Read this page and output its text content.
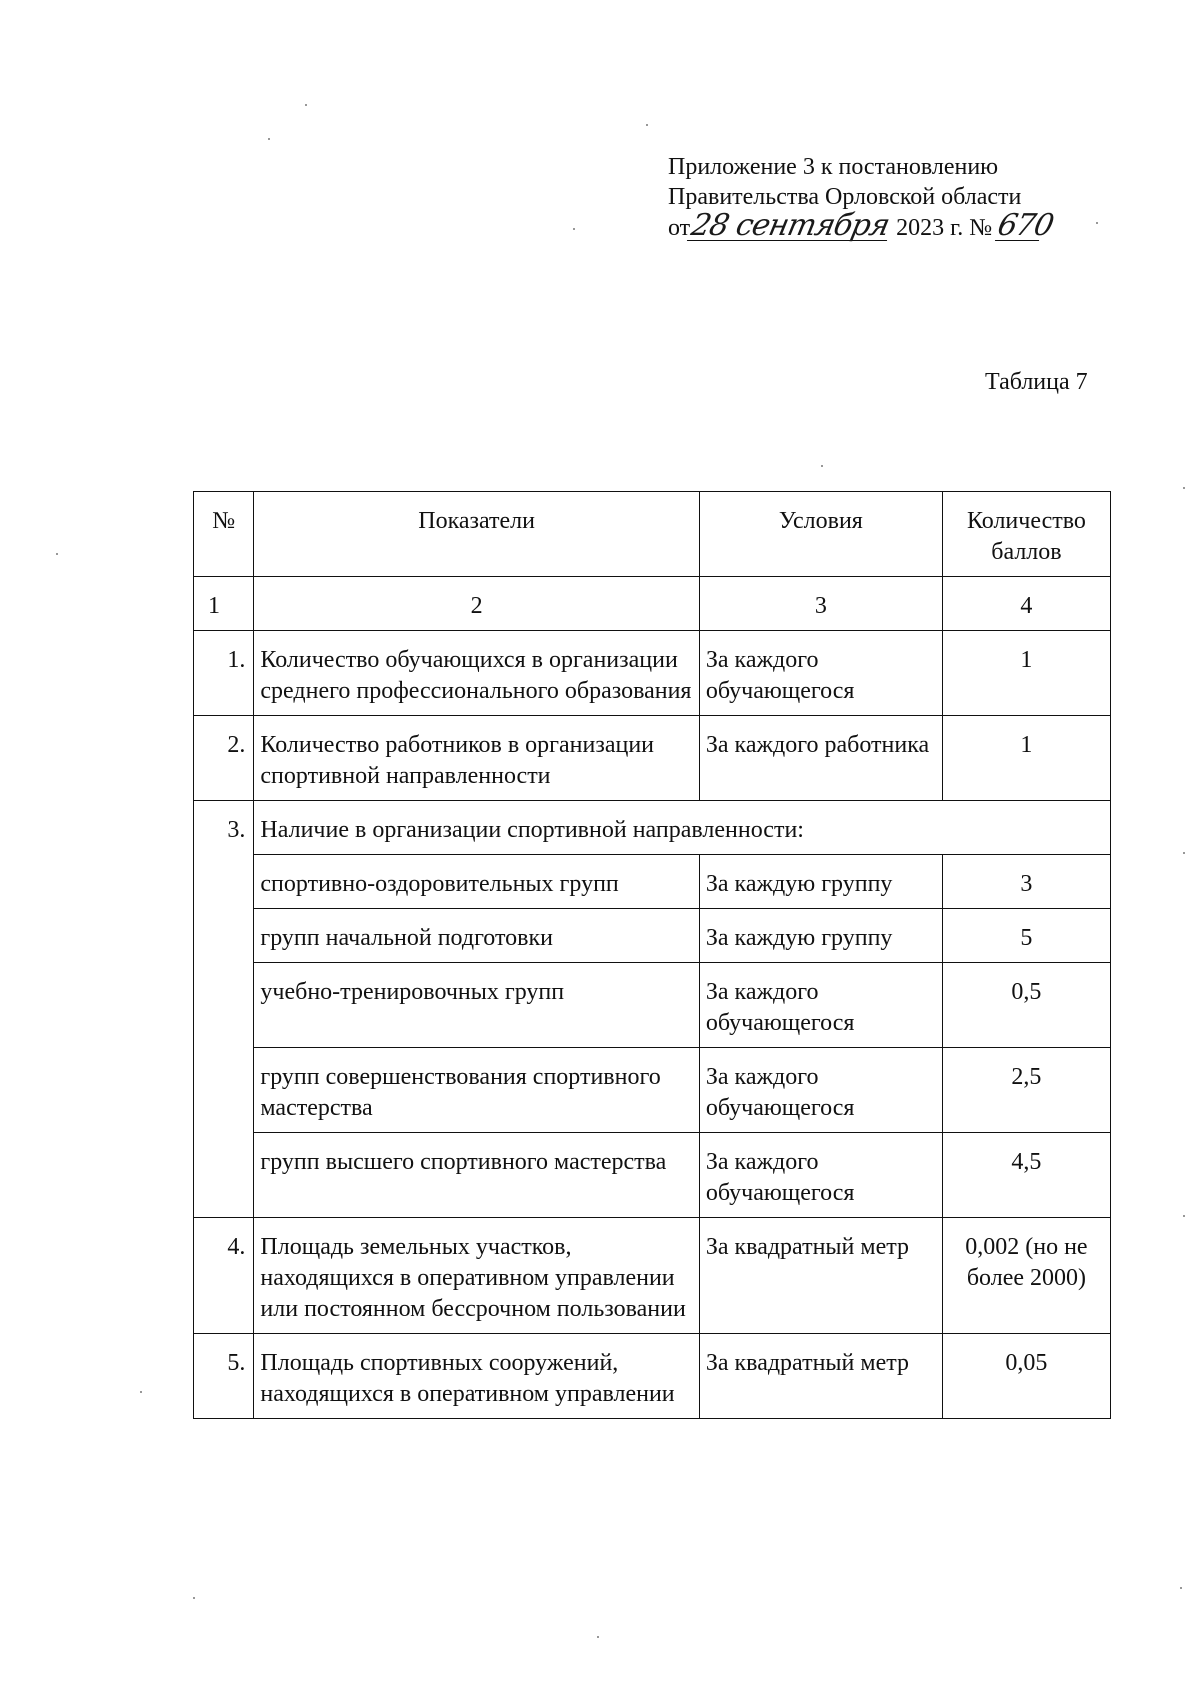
Приложение 3 к постановлению
Правительства Орловской области
от28 сентября 2023 г. № 670
Таблица 7
№	Показатели	Условия	Количество баллов
1	2	3	4
1.	Количество обучающихся в организации среднего профессионального образования	За каждого обучающегося	1
2.	Количество работников в организации спортивной направленности	За каждого работника	1
3.	Наличие в организации спортивной направленности:		
	спортивно-оздоровительных групп	За каждую группу	3
	групп начальной подготовки	За каждую группу	5
	учебно-тренировочных групп	За каждого обучающегося	0,5
	групп совершенствования спортивного мастерства	За каждого обучающегося	2,5
	групп высшего спортивного мастерства	За каждого обучающегося	4,5
4.	Площадь земельных участков, находящихся в оперативном управлении или постоянном бессрочном пользовании	За квадратный метр	0,002 (но не более 2000)
5.	Площадь спортивных сооружений, находящихся в оперативном управлении	За квадратный метр	0,05
